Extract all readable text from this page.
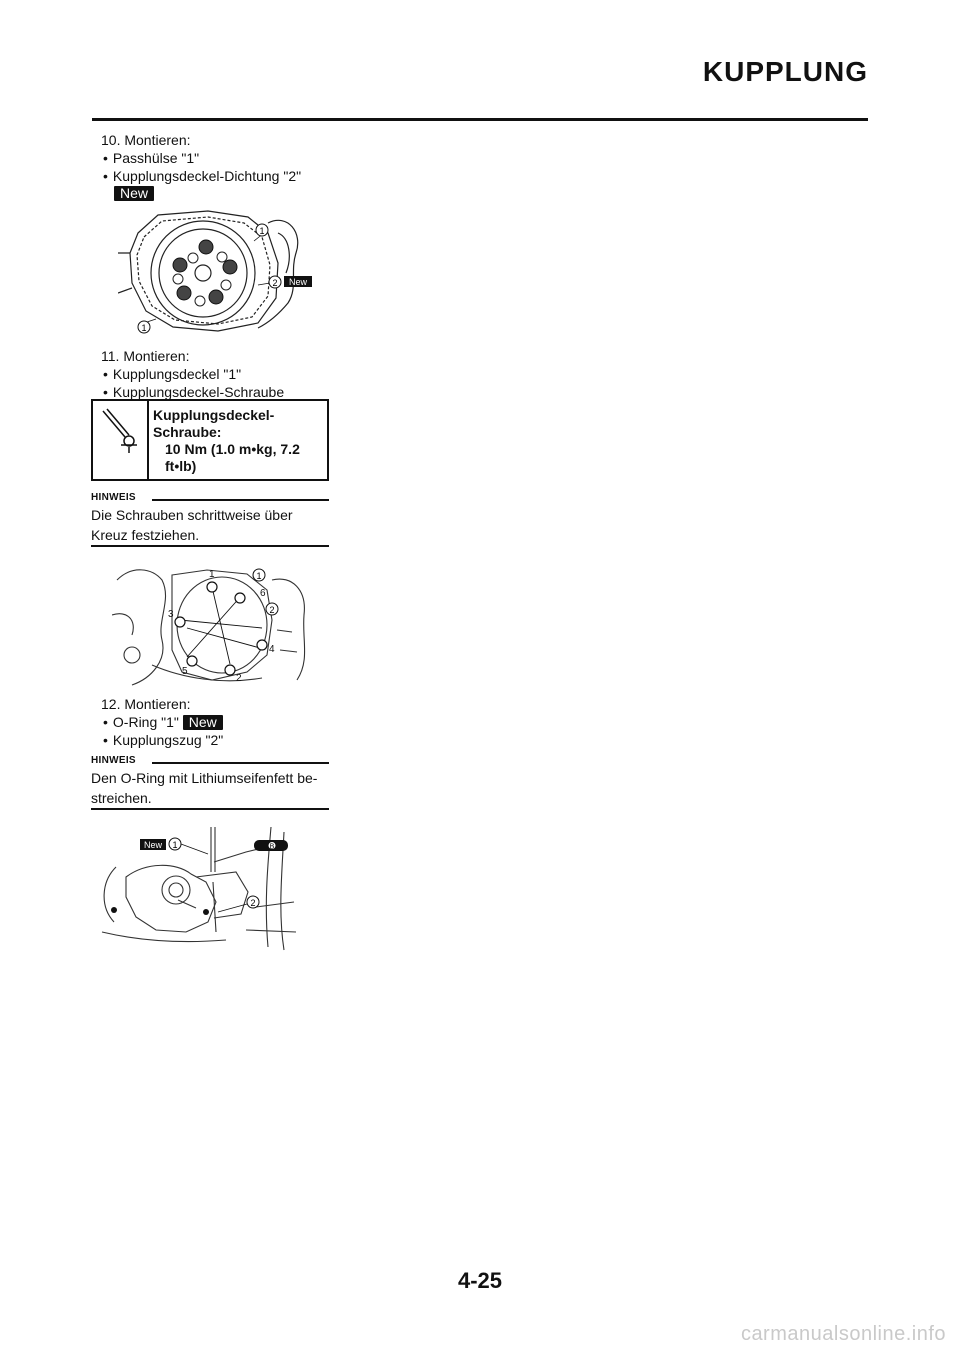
KUPPLUNG
10. Montieren:
• Passhülse "1"
• Kupplungsdeckel-Dichtung "2"
New
1
2 New
1
11. Montieren:
• Kupplungsdeckel "1"
• Kupplungsdeckel-Schraube
Kupplungsdeckel-Schraube:
10 Nm (1.0 m•kg, 7.2 ft•lb)
HINWEIS
Die Schrauben schrittweise über Kreuz festziehen.
1
2
3
4
5
6
1
2
12. Montieren:
• O-Ring "1" New
• Kupplungszug "2"
HINWEIS
Den O-Ring mit Lithiumseifenfett be-streichen.
B
New 1
2
4-25
carmanualsonline.info
